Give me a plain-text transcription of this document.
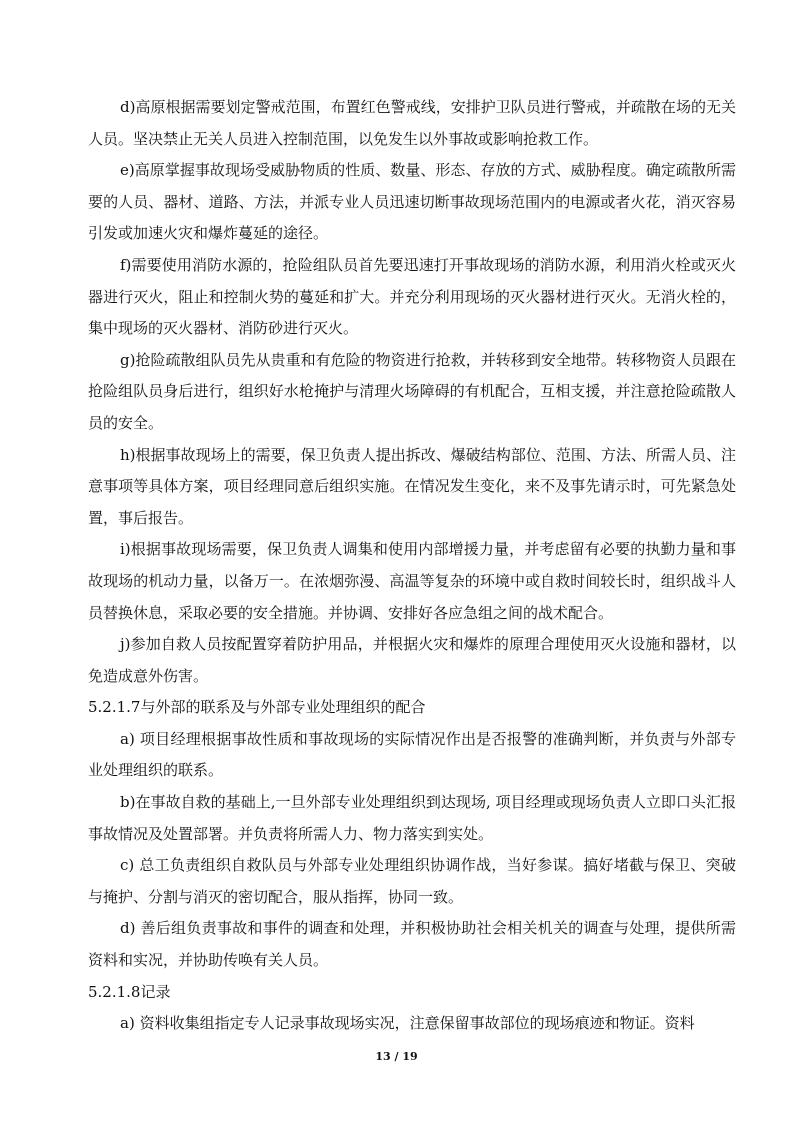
d)高原根据需要划定警戒范围，布置红色警戒线，安排护卫队员进行警戒，并疏散在场的无关人员。坚决禁止无关人员进入控制范围，以免发生以外事故或影响抢救工作。

e)高原掌握事故现场受威胁物质的性质、数量、形态、存放的方式、威胁程度。确定疏散所需要的人员、器材、道路、方法，并派专业人员迅速切断事故现场范围内的电源或者火花，消灭容易引发或加速火灾和爆炸蔓延的途径。

f)需要使用消防水源的，抢险组队员首先要迅速打开事故现场的消防水源，利用消火栓或灭火器进行灭火，阻止和控制火势的蔓延和扩大。并充分利用现场的灭火器材进行灭火。无消火栓的，集中现场的灭火器材、消防砂进行灭火。

g)抢险疏散组队员先从贵重和有危险的物资进行抢救，并转移到安全地带。转移物资人员跟在抢险组队员身后进行，组织好水枪掩护与清理火场障碍的有机配合，互相支援，并注意抢险疏散人员的安全。

h)根据事故现场上的需要，保卫负责人提出拆改、爆破结构部位、范围、方法、所需人员、注意事项等具体方案，项目经理同意后组织实施。在情况发生变化，来不及事先请示时，可先紧急处置，事后报告。

i)根据事故现场需要，保卫负责人调集和使用内部增援力量，并考虑留有必要的执勤力量和事故现场的机动力量，以备万一。在浓烟弥漫、高温等复杂的环境中或自救时间较长时，组织战斗人员替换休息，采取必要的安全措施。并协调、安排好各应急组之间的战术配合。

j)参加自救人员按配置穿着防护用品，并根据火灾和爆炸的原理合理使用灭火设施和器材，以免造成意外伤害。

5.2.1.7与外部的联系及与外部专业处理组织的配合

a) 项目经理根据事故性质和事故现场的实际情况作出是否报警的准确判断，并负责与外部专业处理组织的联系。

b)在事故自救的基础上,一旦外部专业处理组织到达现场, 项目经理或现场负责人立即口头汇报事故情况及处置部署。并负责将所需人力、物力落实到实处。

c) 总工负责组织自救队员与外部专业处理组织协调作战，当好参谋。搞好堵截与保卫、突破与掩护、分割与消灭的密切配合，服从指挥，协同一致。

d) 善后组负责事故和事件的调查和处理，并积极协助社会相关机关的调查与处理，提供所需资料和实况，并协助传唤有关人员。

5.2.1.8记录

a) 资料收集组指定专人记录事故现场实况，注意保留事故部位的现场痕迹和物证。资料

13 / 19
